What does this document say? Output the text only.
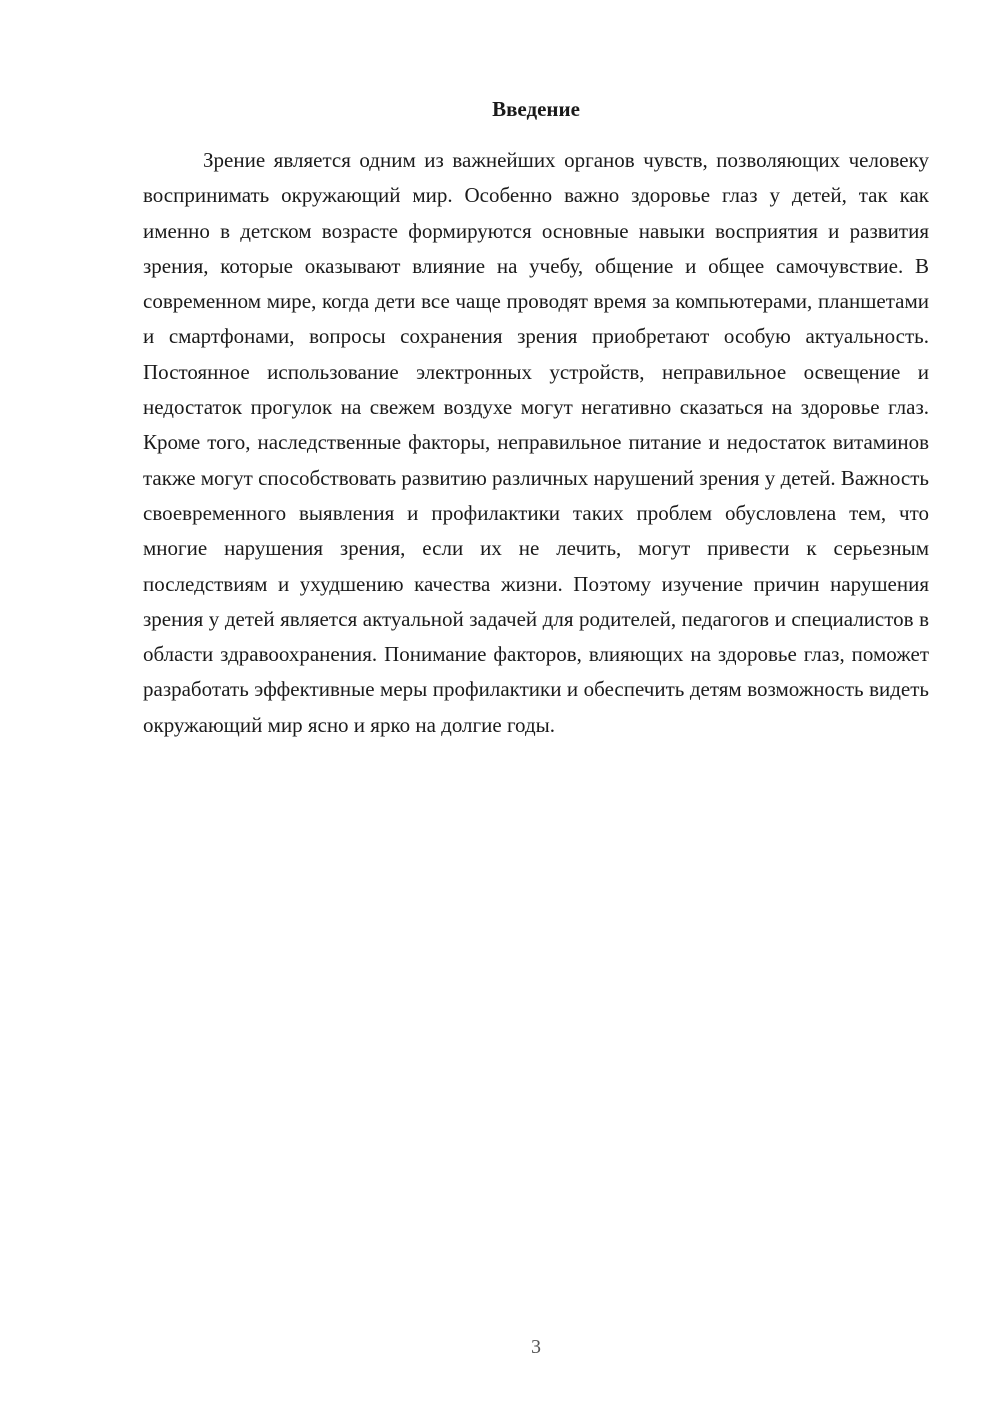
Введение

Зрение является одним из важнейших органов чувств, позволяющих человеку воспринимать окружающий мир. Особенно важно здоровье глаз у детей, так как именно в детском возрасте формируются основные навыки восприятия и развития зрения, которые оказывают влияние на учебу, общение и общее самочувствие. В современном мире, когда дети все чаще проводят время за компьютерами, планшетами и смартфонами, вопросы сохранения зрения приобретают особую актуальность. Постоянное использование электронных устройств, неправильное освещение и недостаток прогулок на свежем воздухе могут негативно сказаться на здоровье глаз. Кроме того, наследственные факторы, неправильное питание и недостаток витаминов также могут способствовать развитию различных нарушений зрения у детей. Важность своевременного выявления и профилактики таких проблем обусловлена тем, что многие нарушения зрения, если их не лечить, могут привести к серьезным последствиям и ухудшению качества жизни. Поэтому изучение причин нарушения зрения у детей является актуальной задачей для родителей, педагогов и специалистов в области здравоохранения. Понимание факторов, влияющих на здоровье глаз, поможет разработать эффективные меры профилактики и обеспечить детям возможность видеть окружающий мир ясно и ярко на долгие годы.

3
